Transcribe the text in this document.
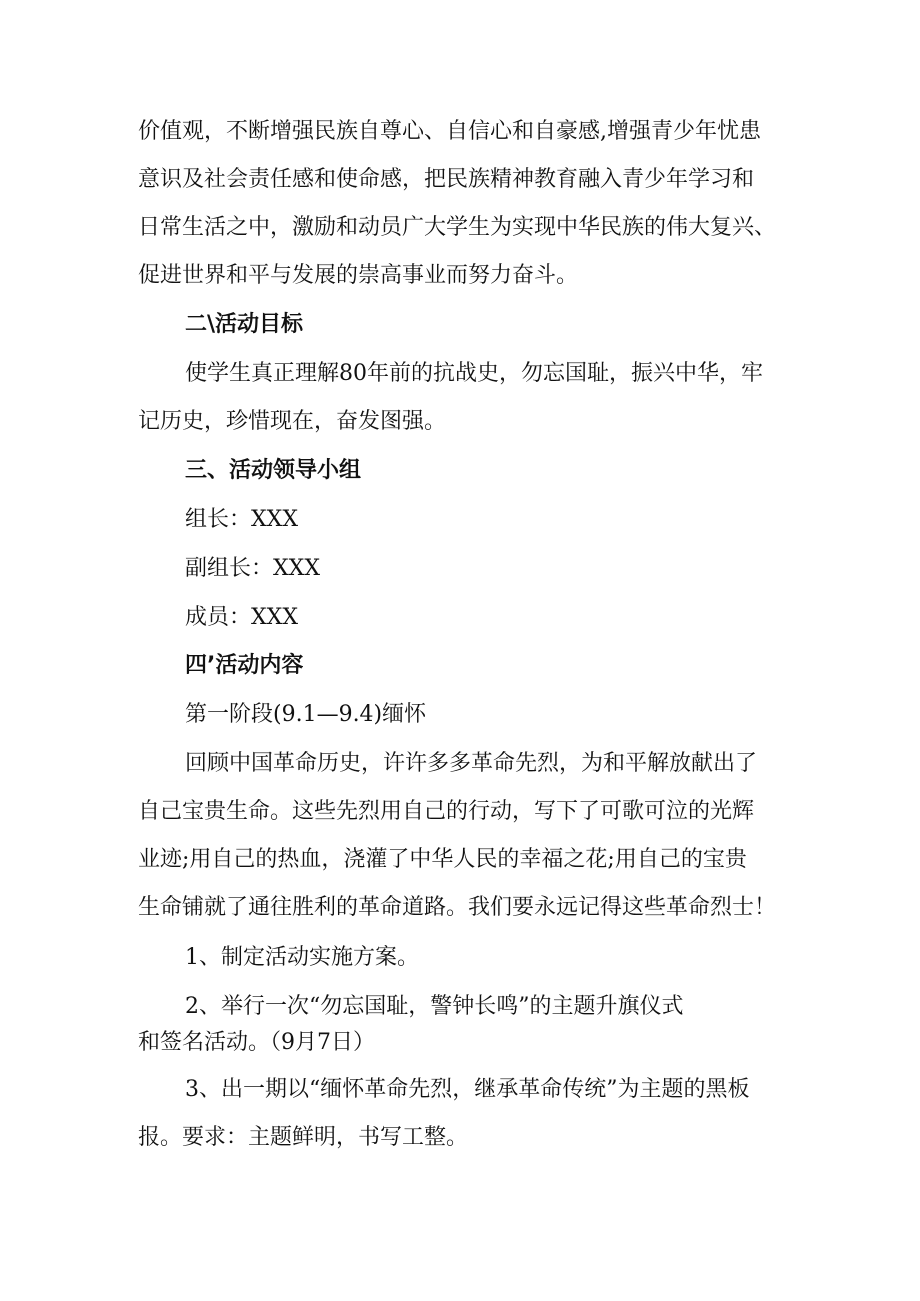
价值观，不断增强民族自尊心、自信心和自豪感,增强青少年忧患
意识及社会责任感和使命感，把民族精神教育融入青少年学习和
日常生活之中，激励和动员广大学生为实现中华民族的伟大复兴、
促进世界和平与发展的崇高事业而努力奋斗。
二\活动目标
使学生真正理解80年前的抗战史，勿忘国耻，振兴中华，牢
记历史，珍惜现在，奋发图强。
三、活动领导小组
组长：XXX
副组长：XXX
成员：XXX
四’活动内容
第一阶段(9.1—9.4)缅怀
回顾中国革命历史，许许多多革命先烈，为和平解放献出了
自己宝贵生命。这些先烈用自己的行动，写下了可歌可泣的光辉
业迹;用自己的热血，浇灌了中华人民的幸福之花;用自己的宝贵
生命铺就了通往胜利的革命道路。我们要永远记得这些革命烈士！
1、制定活动实施方案。
2、举行一次“勿忘国耻，警钟长鸣”的主题升旗仪式
和签名活动。（9月7日）
3、出一期以“缅怀革命先烈，继承革命传统”为主题的黑板
报。要求：主题鲜明，书写工整。
